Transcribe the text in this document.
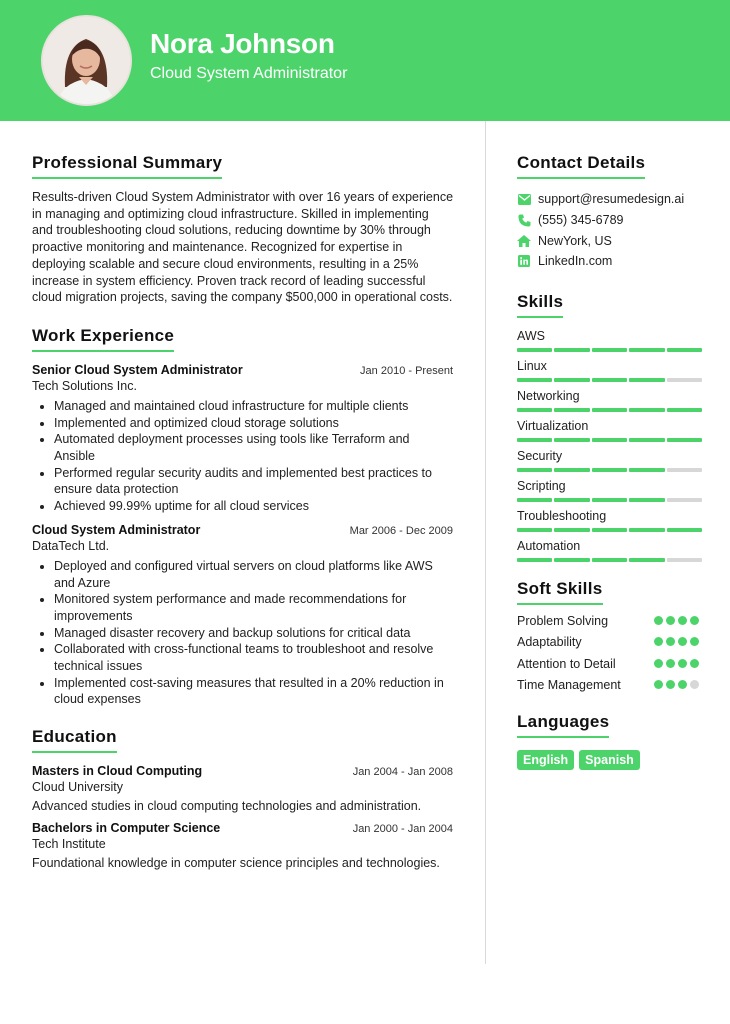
Nora Johnson
Cloud System Administrator
Professional Summary
Results-driven Cloud System Administrator with over 16 years of experience in managing and optimizing cloud infrastructure. Skilled in implementing and troubleshooting cloud solutions, reducing downtime by 30% through proactive monitoring and maintenance. Recognized for expertise in deploying scalable and secure cloud environments, resulting in a 25% increase in system efficiency. Proven track record of leading successful cloud migration projects, saving the company $500,000 in operational costs.
Work Experience
Senior Cloud System Administrator	Jan 2010 - Present
Tech Solutions Inc.
• Managed and maintained cloud infrastructure for multiple clients
• Implemented and optimized cloud storage solutions
• Automated deployment processes using tools like Terraform and Ansible
• Performed regular security audits and implemented best practices to ensure data protection
• Achieved 99.99% uptime for all cloud services
Cloud System Administrator	Mar 2006 - Dec 2009
DataTech Ltd.
• Deployed and configured virtual servers on cloud platforms like AWS and Azure
• Monitored system performance and made recommendations for improvements
• Managed disaster recovery and backup solutions for critical data
• Collaborated with cross-functional teams to troubleshoot and resolve technical issues
• Implemented cost-saving measures that resulted in a 20% reduction in cloud expenses
Education
Masters in Cloud Computing	Jan 2004 - Jan 2008
Cloud University
Advanced studies in cloud computing technologies and administration.
Bachelors in Computer Science	Jan 2000 - Jan 2004
Tech Institute
Foundational knowledge in computer science principles and technologies.
Contact Details
support@resumedesign.ai
(555) 345-6789
NewYork, US
LinkedIn.com
Skills
AWS
Linux
Networking
Virtualization
Security
Scripting
Troubleshooting
Automation
Soft Skills
Problem Solving
Adaptability
Attention to Detail
Time Management
Languages
English	Spanish
